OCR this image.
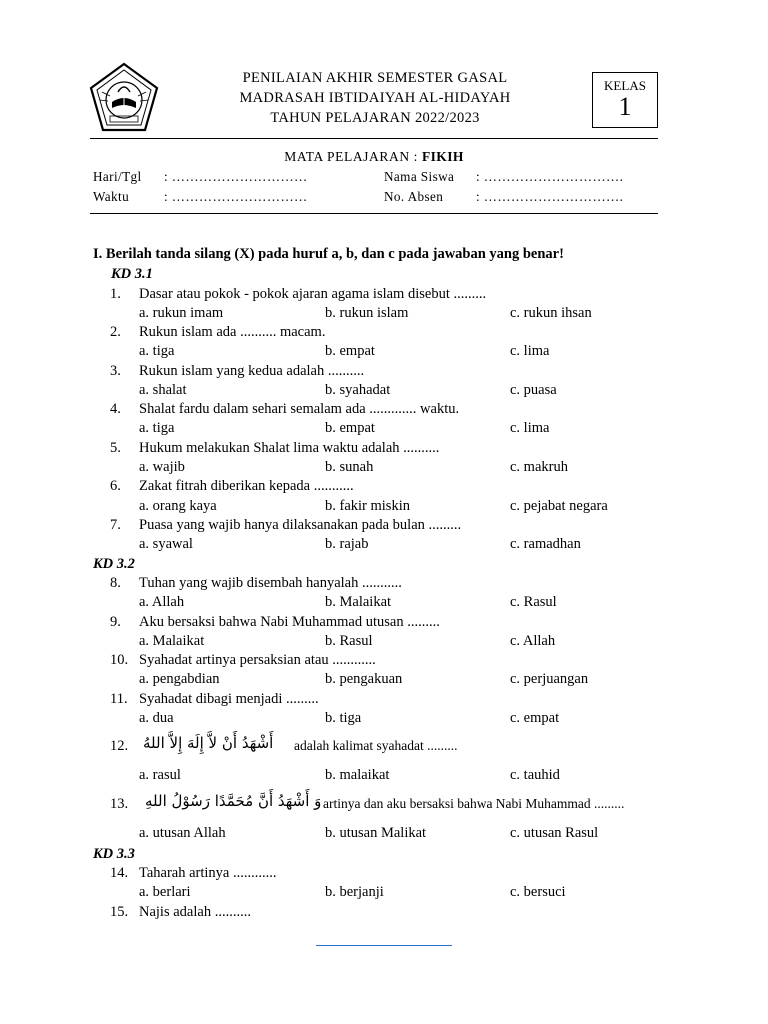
PENILAIAN AKHIR SEMESTER GASAL
MADRASAH IBTIDAIYAH AL-HIDAYAH
TAHUN PELAJARAN 2022/2023
KELAS
1
MATA PELAJARAN : FIKIH
Hari/Tgl : …………………………
Waktu	: …………………………
Nama Siswa : ………………………….
No. Absen : ………………………….
I. Berilah tanda silang (X) pada huruf a, b, dan c pada jawaban yang benar!
KD 3.1
KD 3.2
KD 3.3
1. Dasar atau pokok - pokok ajaran agama islam disebut .........
a. rukun imam	b. rukun islam	c. rukun ihsan
2. Rukun islam ada .......... macam.
a. tiga	b. empat	c. lima
3. Rukun islam yang kedua adalah ..........
a. shalat	b. syahadat	c. puasa
4. Shalat fardu dalam sehari semalam ada ............. waktu.
a. tiga	b. empat	c. lima
5. Hukum melakukan Shalat lima waktu adalah ..........
a. wajib	b. sunah	c. makruh
6. Zakat fitrah diberikan kepada ...........
a. orang kaya	b. fakir miskin	c. pejabat negara
7. Puasa yang wajib hanya dilaksanakan pada bulan .........
a. syawal	b. rajab	c. ramadhan
8. Tuhan yang wajib disembah hanyalah ...........
a. Allah	b. Malaikat	c. Rasul
9. Aku bersaksi bahwa Nabi Muhammad utusan .........
a. Malaikat	b. Rasul	c. Allah
10. Syahadat artinya persaksian atau ............
a. pengabdian	b. pengakuan	c. perjuangan
11. Syahadat dibagi menjadi .........
a. dua	b. tiga	c. empat
12. أَشْهَدُ أَنْ لاَّ إِلَهَ إِلاَّ اللهُ adalah kalimat syahadat .........
a. rasul	b. malaikat	c. tauhid
13. وَ أَشْهَدُ أَنَّ مُحَمَّدًا رَسُوْلُ اللهِ artinya dan aku bersaksi bahwa Nabi Muhammad .........
a. utusan Allah	b. utusan Malikat	c. utusan Rasul
14. Taharah artinya ............
a. berlari	b. berjanji	c. bersuci
15. Najis adalah ..........
